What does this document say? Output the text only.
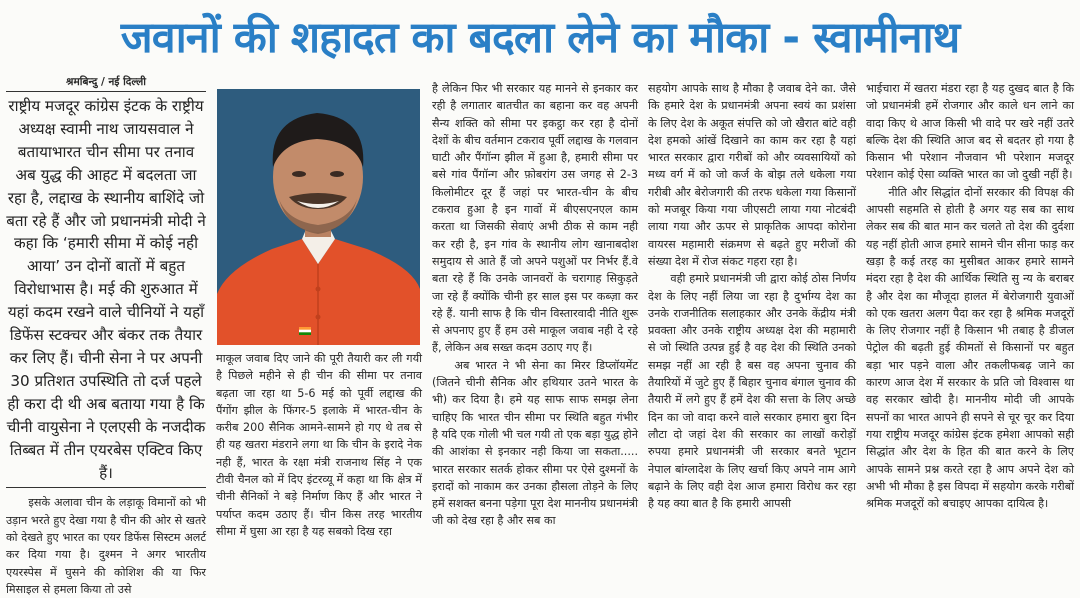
जवानों की शहादत का बदला लेने का मौका - स्वामीनाथ
श्रमबिन्दु / नई दिल्ली
राष्ट्रीय मजदूर कांग्रेस इंटक के राष्ट्रीय अध्यक्ष स्वामी नाथ जायसवाल ने बतायाभारत चीन सीमा पर तनाव अब युद्ध की आहट में बदलता जा रहा है, लद्दाख के स्थानीय बाशिंदे जो बता रहे हैं और जो प्रधानमंत्री मोदी ने कहा कि ‘हमारी सीमा में कोई नही आया’ उन दोनों बातों में बहुत विरोधाभास है। मई की शुरुआत में यहां कदम रखने वाले चीनियों ने यहाँ डिफेंस स्टक्चर और बंकर तक तैयार कर लिए हैं। चीनी सेना ने पर अपनी 30 प्रतिशत उपस्थिति तो दर्ज पहले ही करा दी थी अब बताया गया है कि चीनी वायुसेना ने एलएसी के नजदीक तिब्बत में तीन एयरबेस एक्टिव किए हैं।

इसके अलावा चीन के लड़ाकू विमानों को भी उड़ान भरते हुए देखा गया है चीन की ओर से खतरे को देखते हुए भारत का एयर डिफेंस सिस्टम अलर्ट कर दिया गया है। दुश्मन ने अगर भारतीय एयरस्पेस में घुसने की कोशिश की या फिर मिसाइल से हमला किया तो उसे

माकूल जवाब दिए जाने की पूरी तैयारी कर ली गयी है पिछले महीने से ही चीन की सीमा पर तनाव बढ़ता जा रहा था 5-6 मई को पूर्वी लद्दाख की पैंगोंग झील के फिंगर-5 इलाके में भारत-चीन के करीब 200 सैनिक आमने-सामने हो गए थे तब से ही यह खतरा मंडराने लगा था कि चीन के इरादे नेक नही हैं, भारत के रक्षा मंत्री राजनाथ सिंह ने एक टीवी चैनल को में दिए इंटरव्यू में कहा था कि क्षेत्र में चीनी सैनिकों ने बड़े निर्माण किए हैं और भारत ने पर्याप्त कदम उठाए हैं। चीन किस तरह भारतीय सीमा में घुसा आ रहा है यह सबको दिख रहा

है लेकिन फिर भी सरकार यह मानने से इनकार कर रही है लगातार बातचीत का बहाना कर वह अपनी सैन्य शक्ति को सीमा पर इकट्ठा कर रहा है दोनों देशों के बीच वर्तमान टकराव पूर्वी लद्दाख के गलवान घाटी और पैंगॉन्ग झील में हुआ है, हमारी सीमा पर बसे गांव पैंगॉन्ग और फ़ोबरांग उस जगह से 2-3 किलोमीटर दूर हैं जहां पर भारत-चीन के बीच टकराव हुआ है इन गावों में बीएसएनएल काम करता था जिसकी सेवाएं अभी ठीक से काम नही कर रही है, इन गांव के स्थानीय लोग खानाबदोश समुदाय से आते हैं जो अपने पशुओं पर निर्भर हैं.वे बता रहे हैं कि उनके जानवरों के चरागाह सिकुड़ते जा रहे हैं क्योंकि चीनी हर साल इस पर कब्ज़ा कर रहे हैं. यानी साफ है कि चीन विस्तारवादी नीति शुरू से अपनाए हुए हैं हम उसे माकूल जवाब नही दे रहे हैं, लेकिन अब सख्त कदम उठाए गए हैं।

अब भारत ने भी सेना का मिरर डिप्लॉयमेंट (जितने चीनी सैनिक और हथियार उतने भारत के भी) कर दिया है। हमे यह साफ साफ समझ लेना चाहिए कि भारत चीन सीमा पर स्थिति बहुत गंभीर है यदि एक गोली भी चल गयी तो एक बड़ा युद्ध होने की आशंका से इनकार नही किया जा सकता..... भारत सरकार सतर्क होकर सीमा पर ऐसे दुश्मनों के इरादों को नाकाम कर उनका हौसला तोड़ने के लिए हमें सशक्त बनना पड़ेगा पूरा देश माननीय प्रधानमंत्री जी को देख रहा है और सब का

सहयोग आपके साथ है मौका है जवाब देने का. जैसे कि हमारे देश के प्रधानमंत्री अपना स्वयं का प्रशंसा के लिए देश के अकूत संपत्ति को जो खैरात बांटे वही देश हमको आंखें दिखाने का काम कर रहा है यहां भारत सरकार द्वारा गरीबों को और व्यवसायियों को मध्य वर्ग में को जो कर्ज के बोझ तले धकेला गया गरीबी और बेरोजगारी की तरफ धकेला गया किसानों को मजबूर किया गया जीएसटी लाया गया नोटबंदी लाया गया और ऊपर से प्राकृतिक आपदा कोरोना वायरस महामारी संक्रमण से बढ़ते हुए मरीजों की संख्या देश में रोज संकट गहरा रहा है।

वही हमारे प्रधानमंत्री जी द्वारा कोई ठोस निर्णय देश के लिए नहीं लिया जा रहा है दुर्भाग्य देश का उनके राजनीतिक सलाहकार और उनके केंद्रीय मंत्री प्रवक्ता और उनके राष्ट्रीय अध्यक्ष देश की महामारी से जो स्थिति उत्पन्न हुई है वह देश की स्थिति उनको समझ नहीं आ रही है बस वह अपना चुनाव की तैयारियों में जुटे हुए हैं बिहार चुनाव बंगाल चुनाव की तैयारी में लगे हुए हैं हमें देश की सत्ता के लिए अच्छे दिन का जो वादा करने वाले सरकार हमारा बुरा दिन लौटा दो जहां देश की सरकार का लाखों करोड़ों रुपया हमारे प्रधानमंत्री जी सरकार बनते भूटान नेपाल बांग्लादेश के लिए खर्चा किए अपने नाम आगे बढ़ाने के लिए वही देश आज हमारा विरोध कर रहा है यह क्या बात है कि हमारी आपसी

भाईचारा में खतरा मंडरा रहा है यह दुखद बात है कि जो प्रधानमंत्री हमें रोजगार और काले धन लाने का वादा किए थे आज किसी भी वादे पर खरे नहीं उतरे बल्कि देश की स्थिति आज बद से बदतर हो गया है किसान भी परेशान नौजवान भी परेशान मजदूर परेशान कोई ऐसा व्यक्ति भारत का जो दुखी नहीं है।

नीति और सिद्धांत दोनों सरकार की विपक्ष की आपसी सहमति से होती है अगर यह सब का साथ लेकर सब की बात मान कर चलते तो देश की दुर्दशा यह नहीं होती आज हमारे सामने चीन सीना फाड़ कर खड़ा है कई तरह का मुसीबत आकर हमारे सामने मंदरा रहा है देश की आर्थिक स्थिति सु न्य के बराबर है और देश का मौजूदा हालत में बेरोजगारी युवाओं को एक खतरा अलग पैदा कर रहा है श्रमिक मजदूरों के लिए रोजगार नहीं है किसान भी तबाह है डीजल पेट्रोल की बढ़ती हुई कीमतों से किसानों पर बहुत बड़ा भार पड़ने वाला और तकलीफबढ़ जाने का कारण आज देश में सरकार के प्रति जो विश्वास था वह सरकार खोदी है। माननीय मोदी जी आपके सपनों का भारत आपने ही सपने से चूर चूर कर दिया गया राष्ट्रीय मजदूर कांग्रेस इंटक हमेशा आपको सही सिद्धांत और देश के हित की बात करने के लिए आपके सामने प्रश्न करते रहा है आप अपने देश को अभी भी मौका है इस विपदा में सहयोग करके गरीबों श्रमिक मजदूरों को बचाइए आपका दायित्व है।
